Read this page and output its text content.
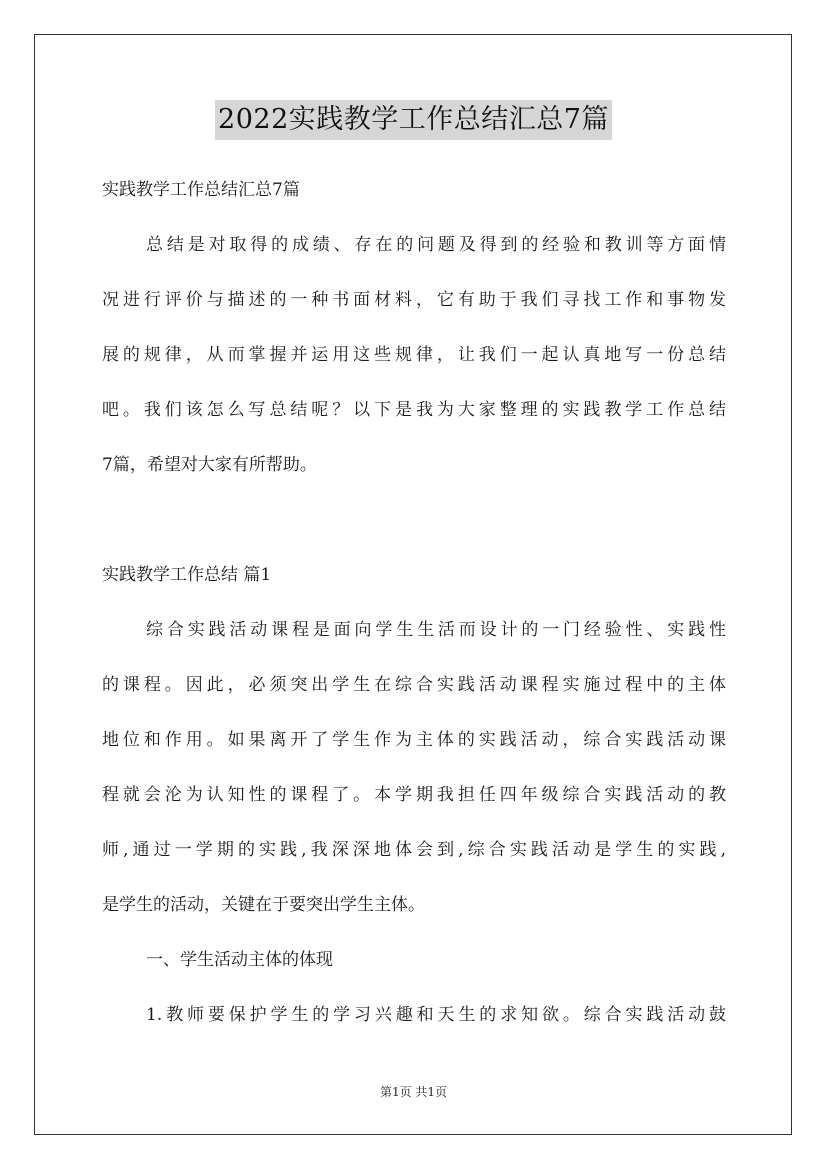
2022实践教学工作总结汇总7篇
实践教学工作总结汇总7篇
总结是对取得的成绩、存在的问题及得到的经验和教训等方面情
况进行评价与描述的一种书面材料，它有助于我们寻找工作和事物发
展的规律，从而掌握并运用这些规律，让我们一起认真地写一份总结
吧。我们该怎么写总结呢？以下是我为大家整理的实践教学工作总结
7篇，希望对大家有所帮助。
实践教学工作总结 篇1
综合实践活动课程是面向学生生活而设计的一门经验性、实践性
的课程。因此，必须突出学生在综合实践活动课程实施过程中的主体
地位和作用。如果离开了学生作为主体的实践活动，综合实践活动课
程就会沦为认知性的课程了。本学期我担任四年级综合实践活动的教
师,通过一学期的实践,我深深地体会到,综合实践活动是学生的实践,
是学生的活动，关键在于要突出学生主体。
一、学生活动主体的体现
1.教师要保护学生的学习兴趣和天生的求知欲。综合实践活动鼓
第1页 共1页
